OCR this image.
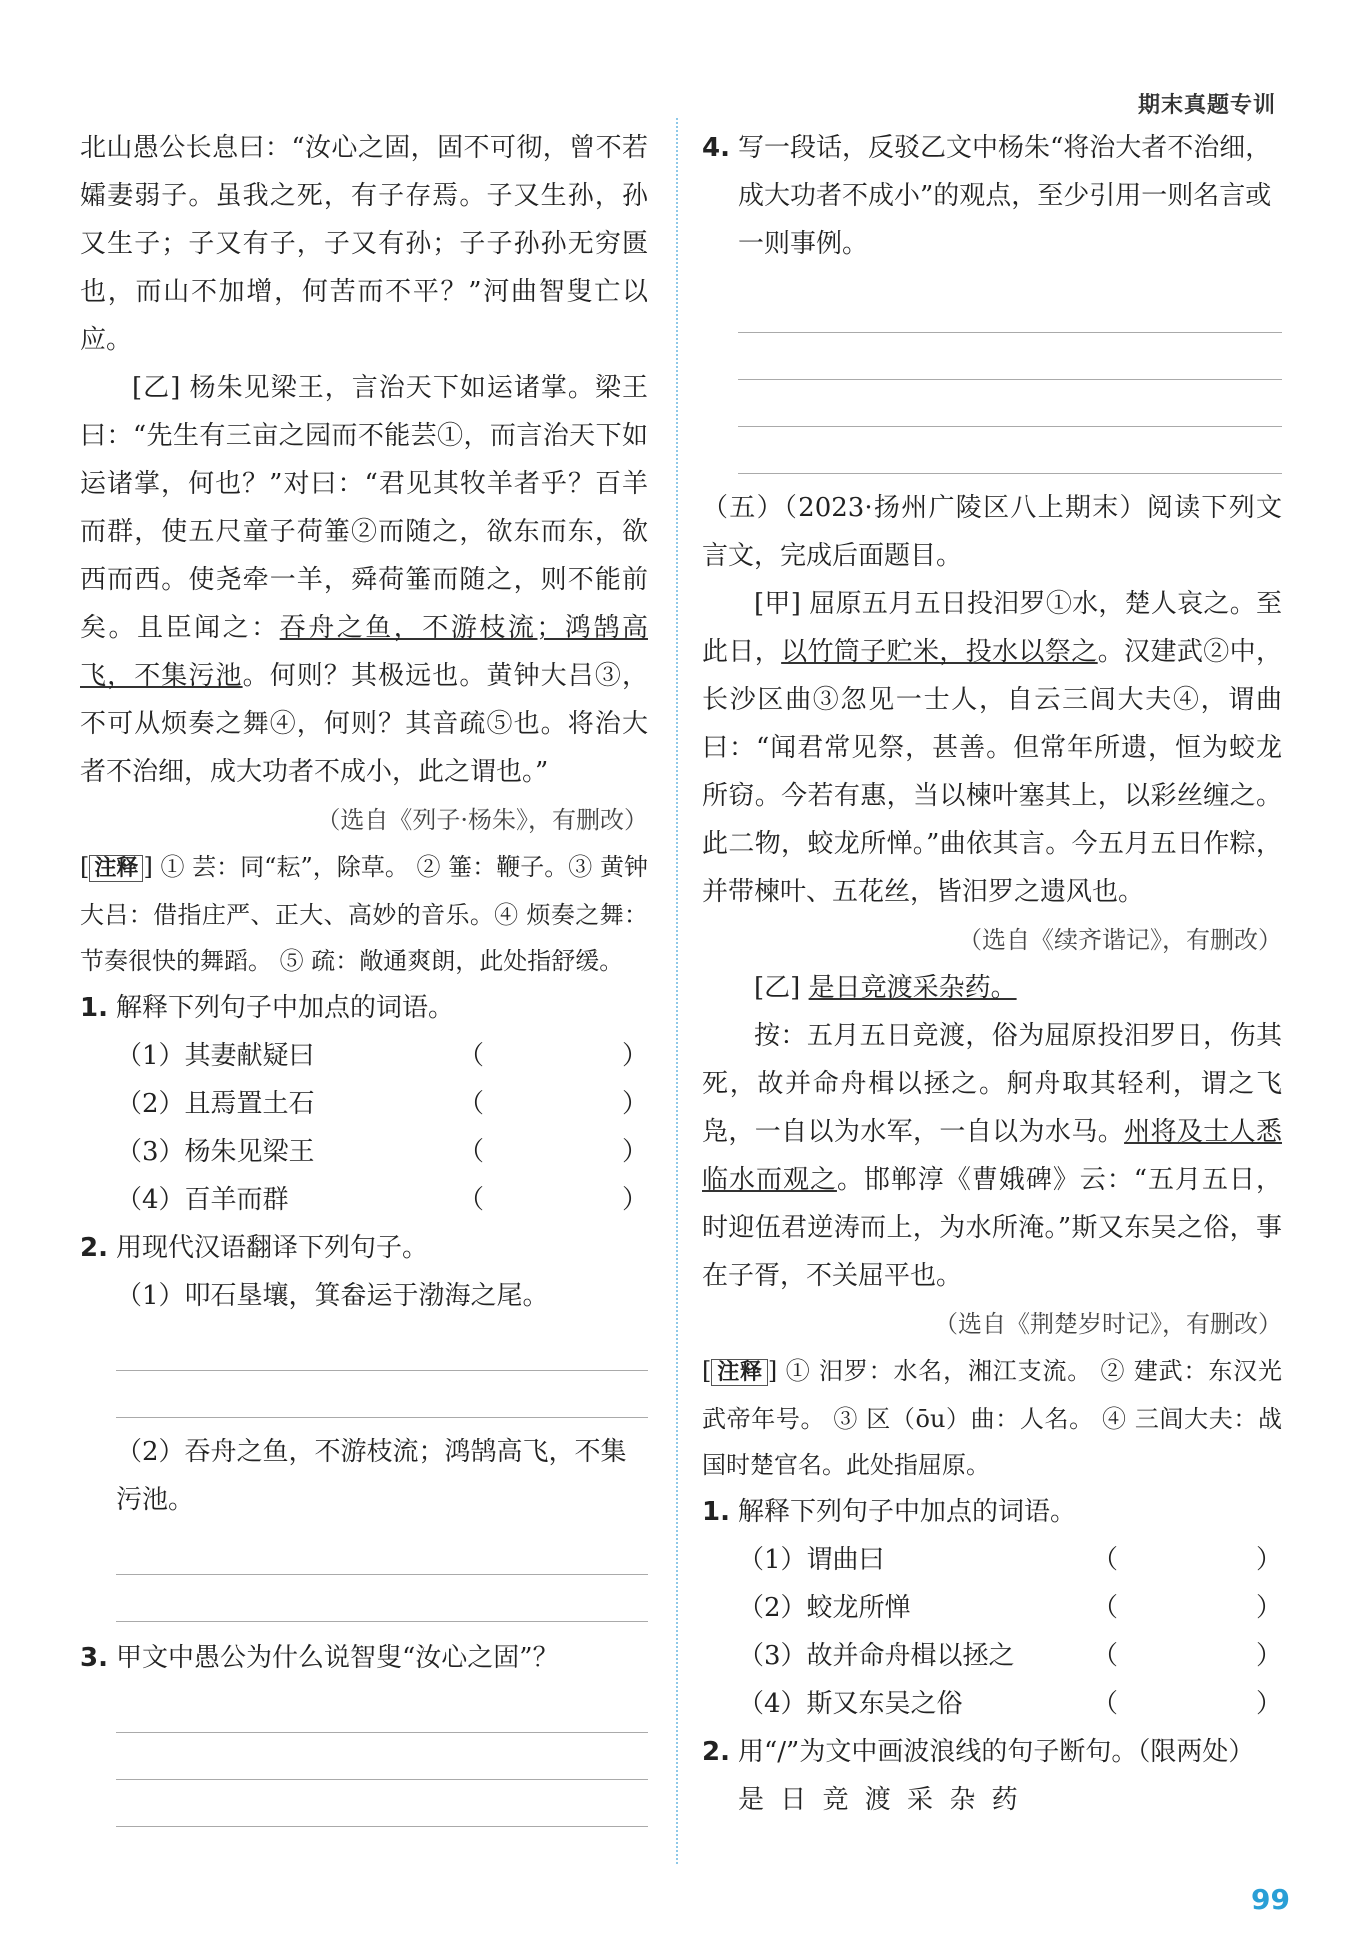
期末真题专训

北山愚公长息曰：“汝心之固，固不可彻，曾不若孀妻弱子。虽我之死，有子存焉。子又生孙，孙又生子；子又有子，子又有孙；子子孙孙无穷匮也，而山不加增，何苦而不平？”河曲智叟亡以应。

[乙] 杨朱见梁王，言治天下如运诸掌。梁王曰：“先生有三亩之园而不能芸①，而言治天下如运诸掌，何也？”对曰：“君见其牧羊者乎？百羊而群，使五尺童子荷箠②而随之，欲东而东，欲西而西。使尧牵一羊，舜荷箠而随之，则不能前矣。且臣闻之：吞舟之鱼，不游枝流；鸿鹄高飞，不集污池。何则？其极远也。黄钟大吕③，不可从烦奏之舞④，何则？其音疏⑤也。将治大者不治细，成大功者不成小，此之谓也。”

（选自《列子·杨朱》，有删改）

[ 注释 ] ① 芸：同“耘”，除草。 ② 箠：鞭子。③ 黄钟大吕：借指庄严、正大、高妙的音乐。④ 烦奏之舞：节奏很快的舞蹈。 ⑤ 疏：敞通爽朗，此处指舒缓。

1. 解释下列句子中加点的词语。
（1）其妻献疑曰	（	）
（2）且焉置土石	（	）
（3）杨朱见梁王	（	）
（4）百羊而群	（	）
2. 用现代汉语翻译下列句子。
（1）叩石垦壤，箕畚运于渤海之尾。
（2）吞舟之鱼，不游枝流；鸿鹄高飞，不集污池。
3. 甲文中愚公为什么说智叟“汝心之固”？
4. 写一段话，反驳乙文中杨朱“将治大者不治细，成大功者不成小”的观点，至少引用一则名言或一则事例。

（五）（2023·扬州广陵区八上期末）阅读下列文言文，完成后面题目。

[甲] 屈原五月五日投汨罗①水，楚人哀之。至此日，以竹筒子贮米，投水以祭之。汉建武②中，长沙区曲③忽见一士人，自云三闾大夫④，谓曲曰：“闻君常见祭，甚善。但常年所遗，恒为蛟龙所窃。今若有惠，当以楝叶塞其上，以彩丝缠之。此二物，蛟龙所惮。”曲依其言。今五月五日作粽，并带楝叶、五花丝，皆汨罗之遗风也。

（选自《续齐谐记》，有删改）

[乙] 是日竞渡采杂药。

按：五月五日竞渡，俗为屈原投汨罗日，伤其死，故并命舟楫以拯之。舸舟取其轻利，谓之飞凫，一自以为水军，一自以为水马。州将及士人悉临水而观之。邯郸淳《曹娥碑》云：“五月五日，时迎伍君逆涛而上，为水所淹。”斯又东吴之俗，事在子胥，不关屈平也。

（选自《荆楚岁时记》，有删改）

[ 注释 ] ① 汨罗：水名，湘江支流。 ② 建武：东汉光武帝年号。 ③ 区（ōu）曲：人名。 ④ 三闾大夫：战国时楚官名。此处指屈原。

1. 解释下列句子中加点的词语。
（1）谓曲曰	（	）
（2）蛟龙所惮	（	）
（3）故并命舟楫以拯之	（	）
（4）斯又东吴之俗	（	）
2. 用“/”为文中画波浪线的句子断句。（限两处）
是 日 竞 渡 采 杂 药
99
